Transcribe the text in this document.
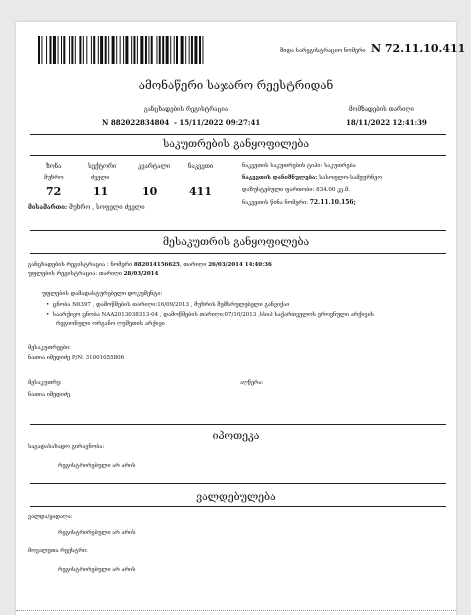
შიდა სარეგისტრაციო ნომერი N 72.11.10.411
ამონაწერი საჯარო რეესტრიდან
განცხადების რეგისტრაცია
N 882022834804 - 15/11/2022 09:27:41
მომზადების თარიღი
18/11/2022 12:41:39
საკუთრების განყოფილება
ზონა	სექტორი	კვარტალი	ნაკვეთი
მუხრო	ძველი
72	11	10	411
მისამართი: მუხრო , სოფელი ძველი
ნაკვეთის საკუთრების ტიპი: საკუთრება
ნაკვეთის დანიშნულება: სასოფლო-სამეურნეო
დაზუსტებული ფართობი: 834.00 კვ.მ.
ნაკვეთის წინა ნომერი: 72.11.10.156;
მესაკუთრის განყოფილება
განცხადების რეგისტრაცია : ნომერი 882014156625, თარიღი 26/03/2014 14:40:36
უფლების რეგისტრაცია: თარიღი 28/03/2014
უფლების დამადასტურებელი დოკუმენტი:
•  ცნობა N6397 , დამოწმების თარიღი:16/09/2013 , მუხრის შემსრულებელი განვიქაი
•  საარქივო ცნობა NAA2013038313-04 , დამოწმების თარიღი:07/10/2013 ,სსიპ საქართველოს ეროვნული არქივის
რეგიონული ორგანო ღუშეთის არქივი
მესაკუთრეები:
ნათია იმედიძე P/N: 31001055806
მესაკუთრე:	აღწერა:
ნათია იმედიძე
იპოთეკა
საგადასახადო გირავნობა:
რეგისტრირებული არ არის
ვალდებულება
ვალდა/ყადაღა:
რეგისტრირებული არ არის
მოვალეთა რეესტრი:
რეგისტრირებული არ არის
